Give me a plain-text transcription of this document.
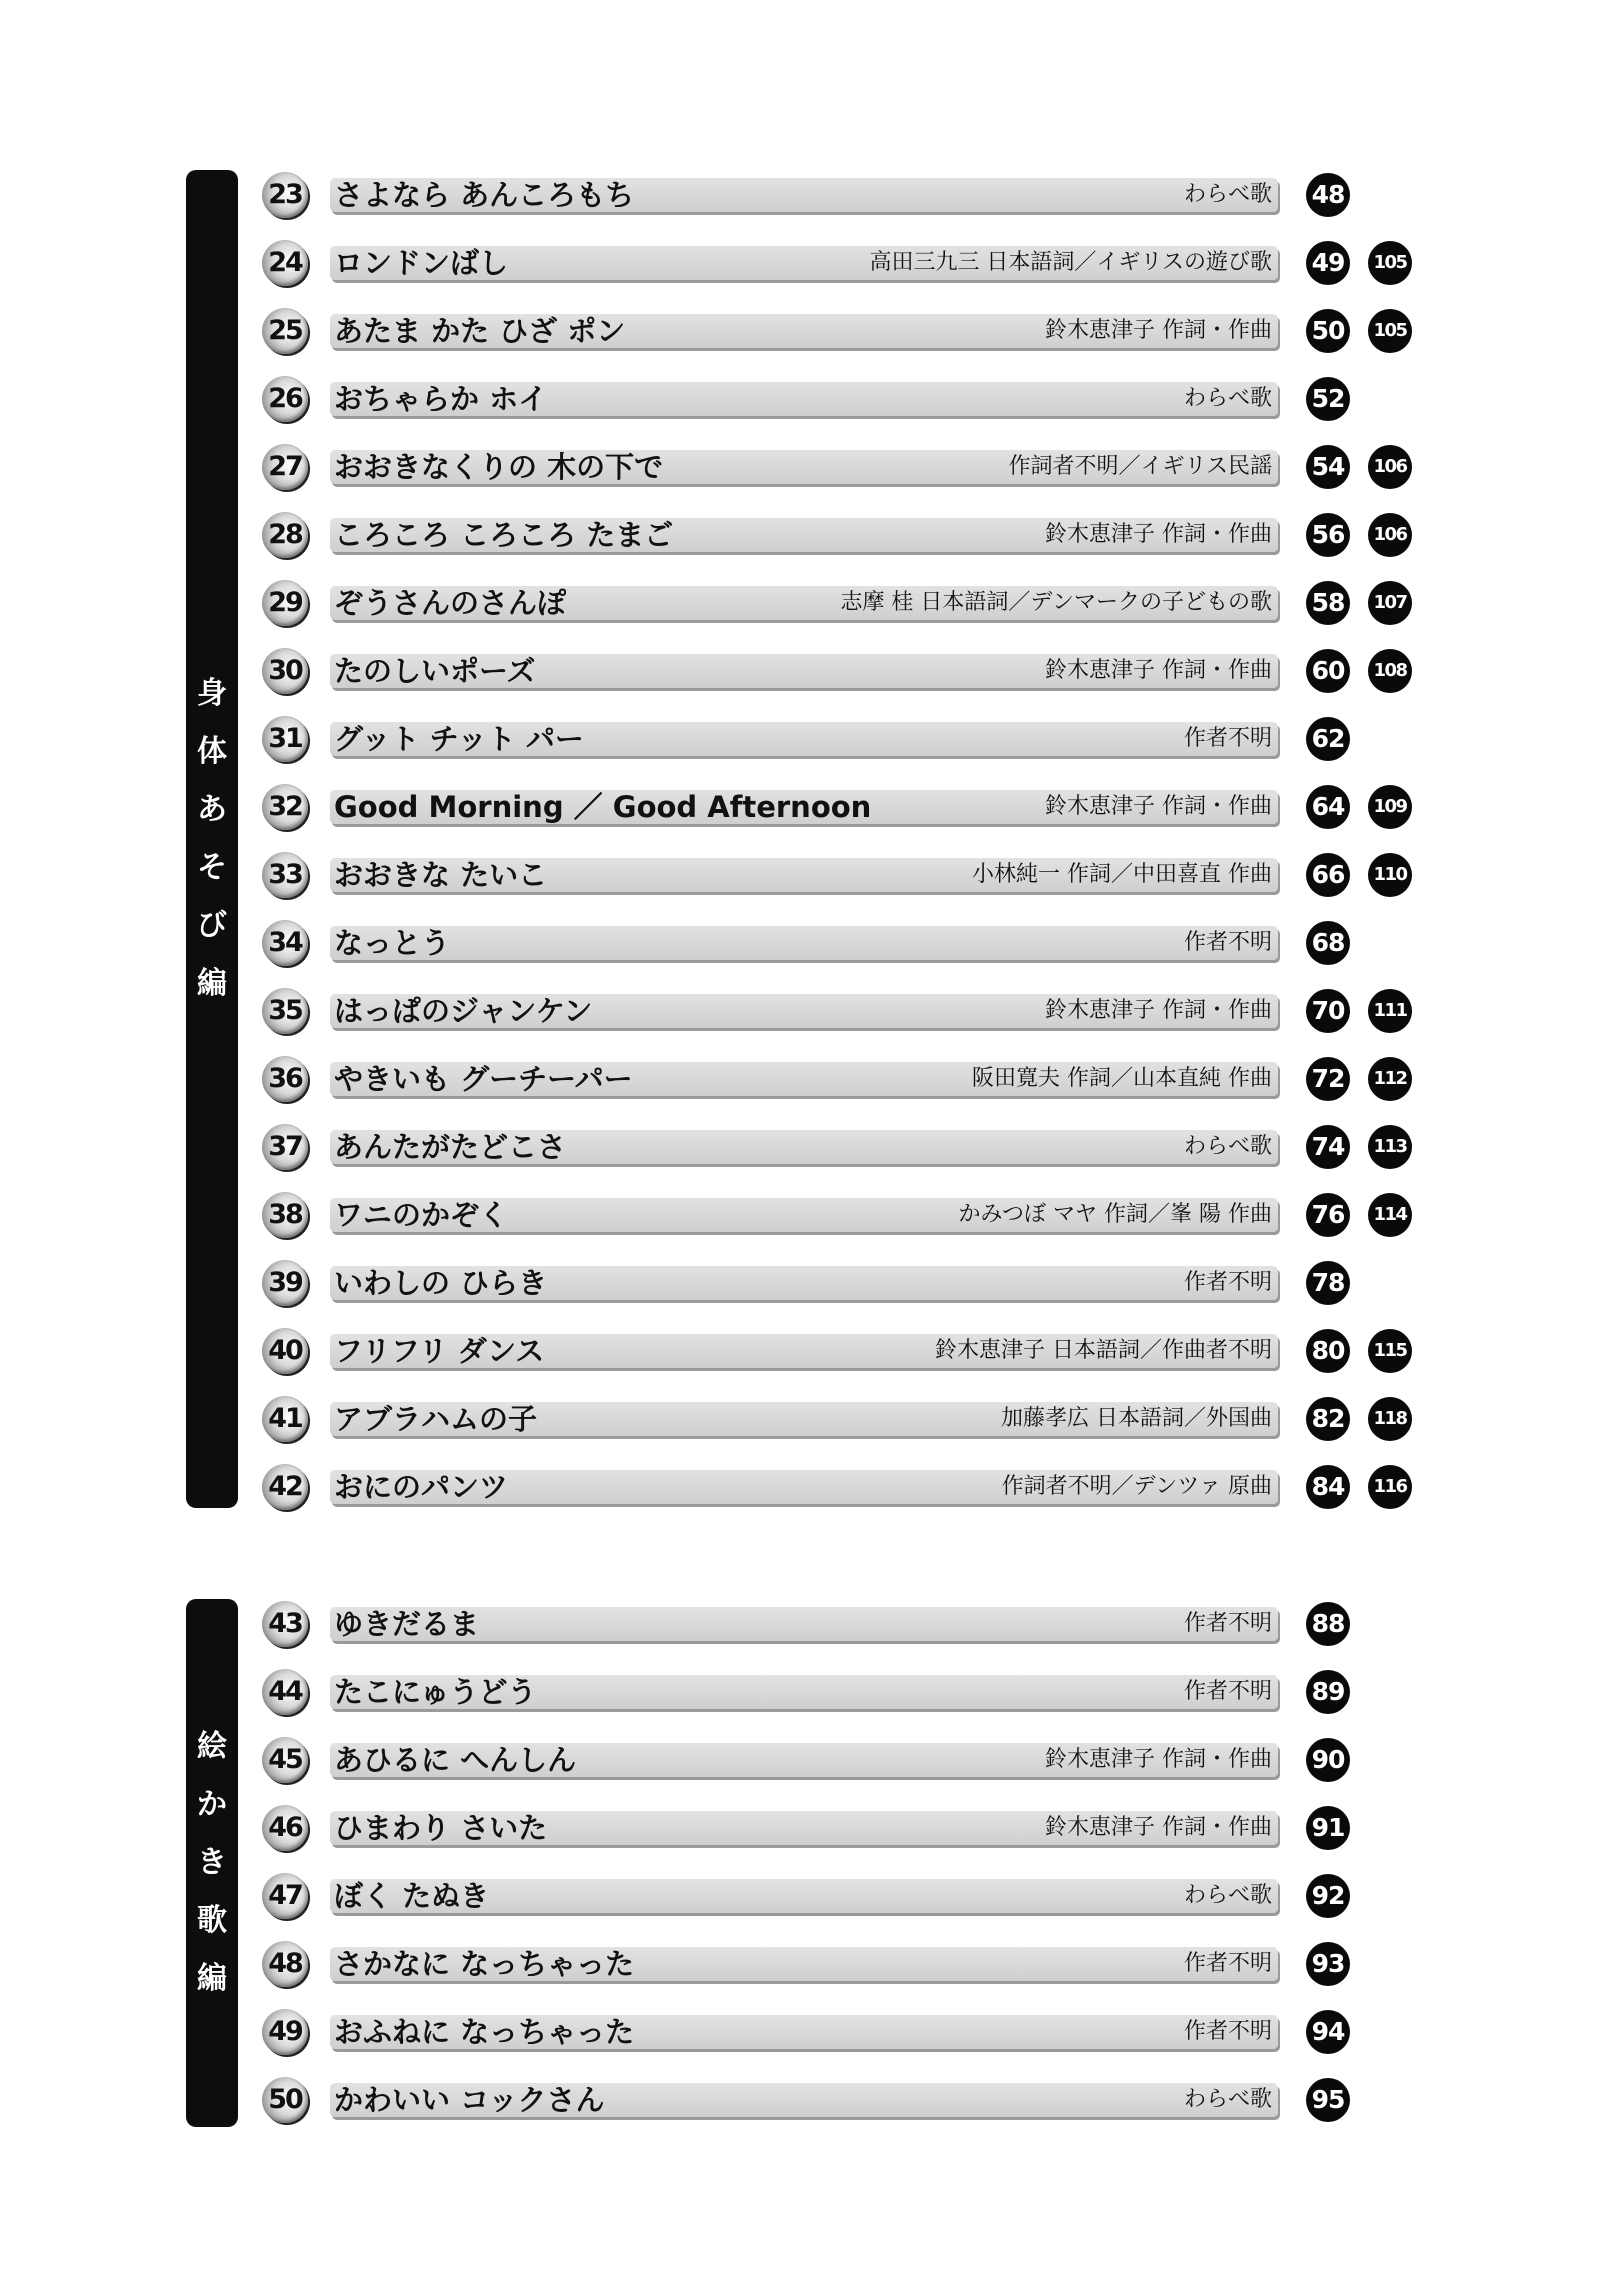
身
体
あ
そ
び
編
23 さよなら あんころもち	わらべ歌 48
24 ロンドンばし	高田三九三 日本語詞／イギリスの遊び歌 49	105
25 あたま かた ひざ ポン	鈴木恵津子 作詞・作曲 50	105
26 おちゃらか ホイ	わらべ歌 52
27 おおきなくりの 木の下で	作詞者不明／イギリス民謡 54	106
28 ころころ ころころ たまご	鈴木恵津子 作詞・作曲 56	106
29 ぞうさんのさんぽ	志摩 桂 日本語詞／デンマークの子どもの歌 58	107
30 たのしいポーズ	鈴木恵津子 作詞・作曲 60	108
31 グット チット パー	作者不明 62
32 Good Morning ／ Good Afternoon	鈴木恵津子 作詞・作曲 64	109
33 おおきな たいこ	小林純一 作詞／中田喜直 作曲 66	110
34 なっとう	作者不明 68
35 はっぱのジャンケン	鈴木恵津子 作詞・作曲 70	111
36 やきいも グーチーパー	阪田寛夫 作詞／山本直純 作曲 72	112
37 あんたがたどこさ	わらべ歌 74	113
38 ワニのかぞく	かみつぼ マヤ 作詞／峯 陽 作曲 76	114
39 いわしの ひらき	作者不明 78
40 フリフリ ダンス	鈴木恵津子 日本語詞／作曲者不明 80	115
41 アブラハムの子	加藤孝広 日本語詞／外国曲 82	118
42 おにのパンツ	作詞者不明／デンツァ 原曲 84	116
絵
か
き
歌
編
43 ゆきだるま	作者不明 88
44 たこにゅうどう	作者不明 89
45 あひるに へんしん	鈴木恵津子 作詞・作曲 90
46 ひまわり さいた	鈴木恵津子 作詞・作曲 91
47 ぼく たぬき	わらべ歌 92
48 さかなに なっちゃった	作者不明 93
49 おふねに なっちゃった	作者不明 94
50 かわいい コックさん	わらべ歌 95
